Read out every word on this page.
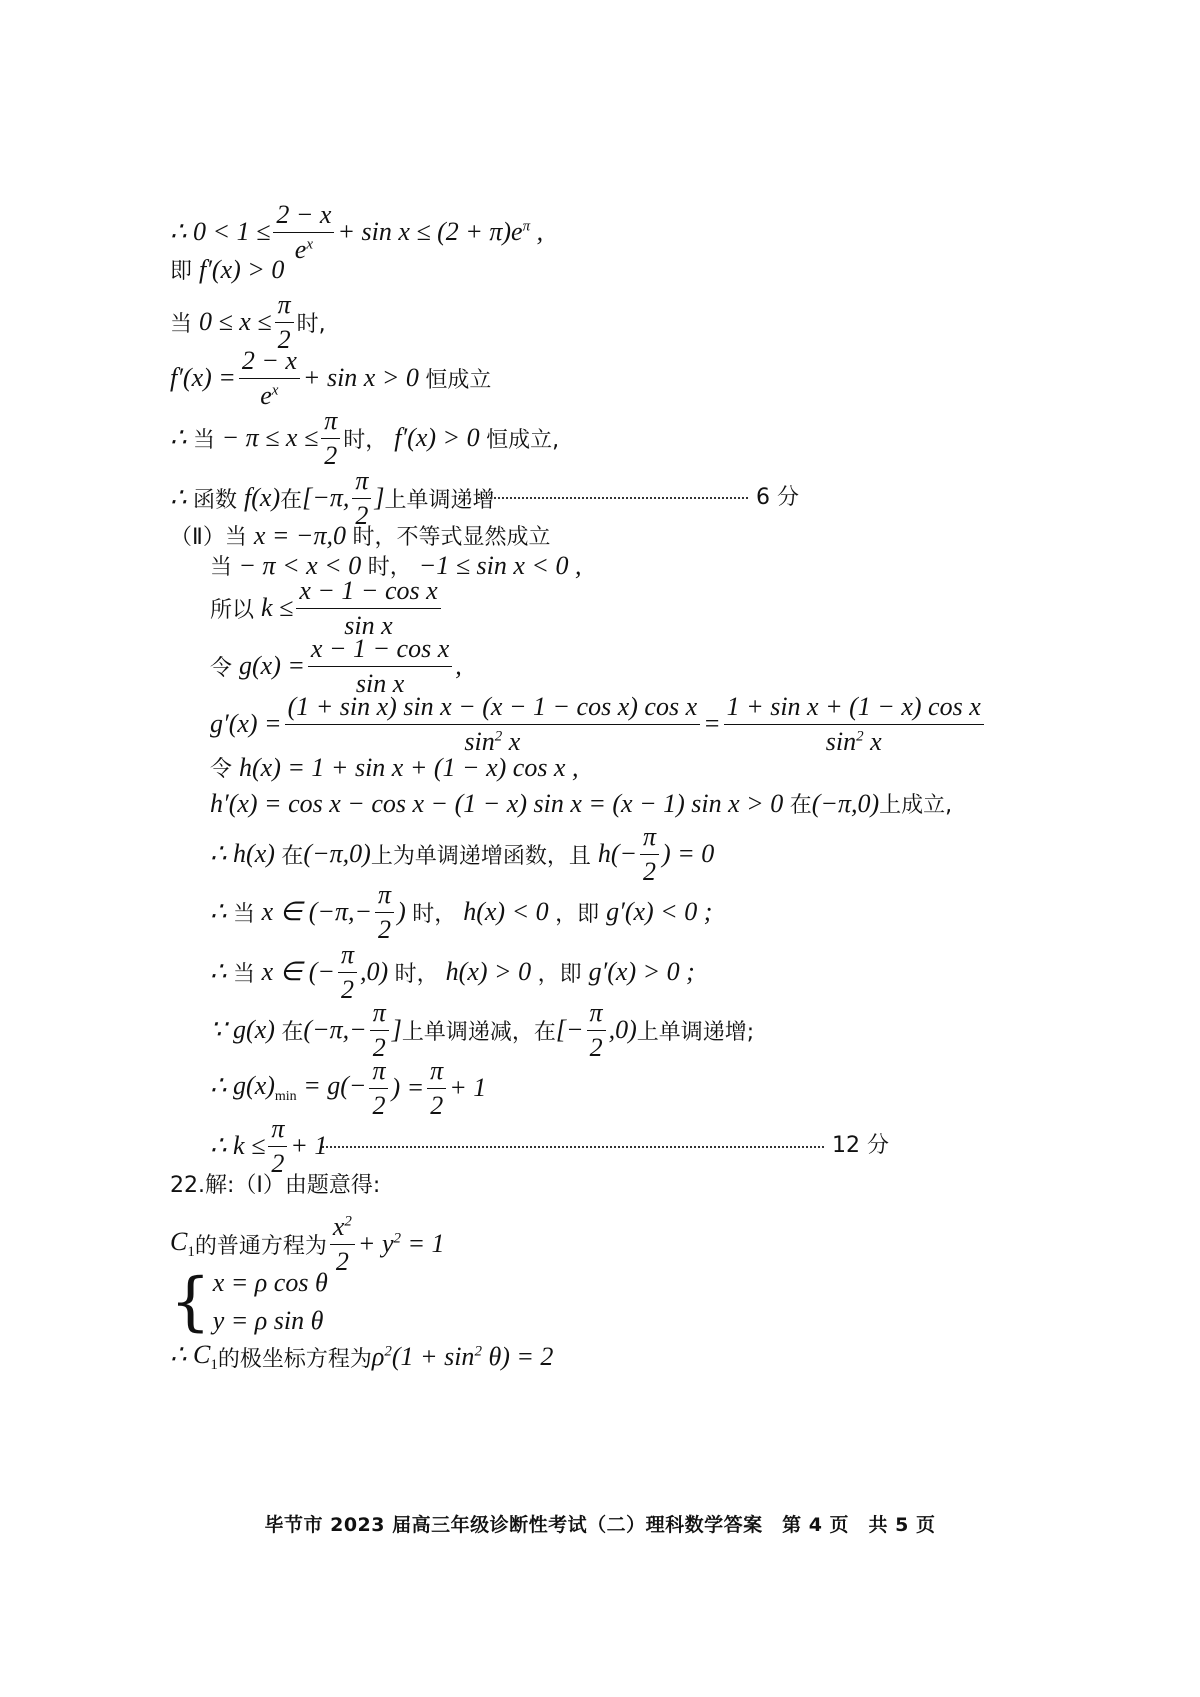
∴ $0 < 1 \le \frac{2 - x}{e^x} + \sin x \le (2 + \pi)e^\pi$ ,
即 f′(x) > 0
当 $0 \le x \le \frac{\pi}{2}$ 时,
$f'(x) = \frac{2 - x}{e^x} + \sin x > 0$ 恒成立
∴ 当 − $\pi \le x \le \frac{\pi}{2}$ 时， f′(x) > 0 恒成立,
∴ 函数 f(x) 在 [−π, $\frac{\pi}{2}$ ] 上单调递增	6 分
（Ⅱ）当 x = −π,0 时，不等式显然成立
当 − π < x < 0 时， −1 ≤ sin x < 0 ,
所以 $k \le \frac{\text{x − 1 − cos x}}{\text{sin x}}$
令 $g(x) = \frac{\text{x − 1 − cos x}}{\text{sin x}}$ ,
$g'(x) = \frac{\text{(1 + sin x) sin x − (x − 1 − cos x) cos x}}{\sin^2 x} = \frac{\text{1 + sin x + (1 − x) cos x}}{\sin^2 x}$
令 h(x) = 1 + sin x + (1 − x) cos x ,
h′(x) = cos x − cos x − (1 − x) sin x = (x − 1) sin x > 0 在 (−π,0) 上成立,
∴ h(x) 在 (−π,0) 上为单调递增函数，且 $h(- \frac{\pi}{2}$ ) = 0
∴ 当 x ∈ ($-\pi,- \frac{\pi}{2}$ ) 时， h(x) < 0 ，即 g′(x) < 0 ;
∴ 当 x ∈ (− $\frac{\pi}{2} ,0$) 时， h(x) > 0 ，即 g′(x) > 0 ;
∵ g(x) 在 ($-\pi,- \frac{\pi}{2}$ ] 上单调递减，在 [− $\frac{\pi}{2} ,0$) 上单调递增;
∴ $g(x)_{min} = g(- \frac{\pi}{2}$ ) = $\frac{\pi}{2} + 1$
∴ $k \le \frac{\pi}{2} + 1$	12 分
22.解:（Ⅰ）由题意得:
$C_1$ 的普通方程为 $\frac{x^2}{2} + y^2 = 1$
{ x = ρ cos θ
y = ρ sin θ
∴ $C_1$ 的极坐标方程为 $\rho^2(1 + \sin^2 \theta) = 2$
毕节市 2023 届高三年级诊断性考试（二）理科数学答案　第 4 页　共 5 页
